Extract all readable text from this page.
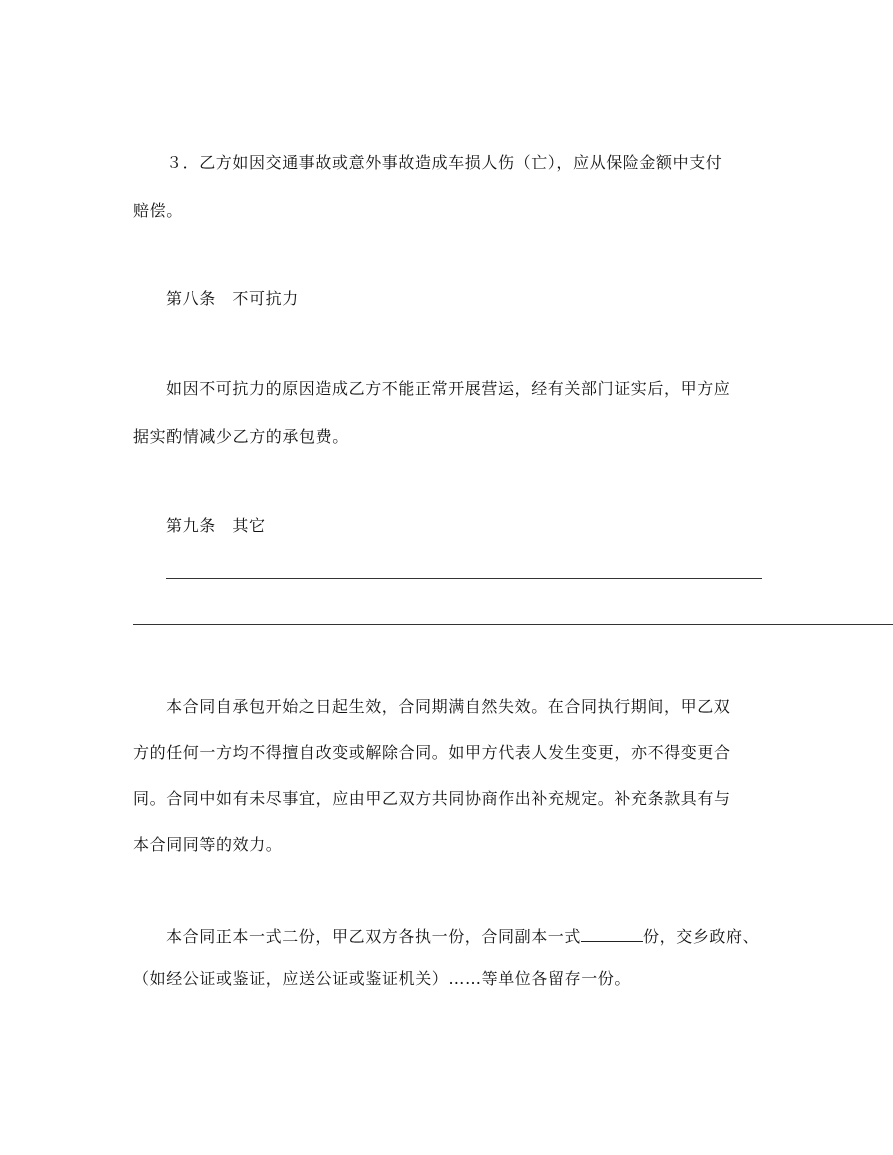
３．乙方如因交通事故或意外事故造成车损人伤（亡），应从保险金额中支付
赔偿。
第八条　不可抗力
如因不可抗力的原因造成乙方不能正常开展营运，经有关部门证实后，甲方应
据实酌情减少乙方的承包费。
第九条　其它
本合同自承包开始之日起生效，合同期满自然失效。在合同执行期间，甲乙双
方的任何一方均不得擅自改变或解除合同。如甲方代表人发生变更，亦不得变更合
同。合同中如有未尽事宜，应由甲乙双方共同协商作出补充规定。补充条款具有与
本合同同等的效力。
本合同正本一式二份，甲乙双方各执一份，合同副本一式	份，交乡政府、
（如经公证或鉴证，应送公证或鉴证机关）……等单位各留存一份。
